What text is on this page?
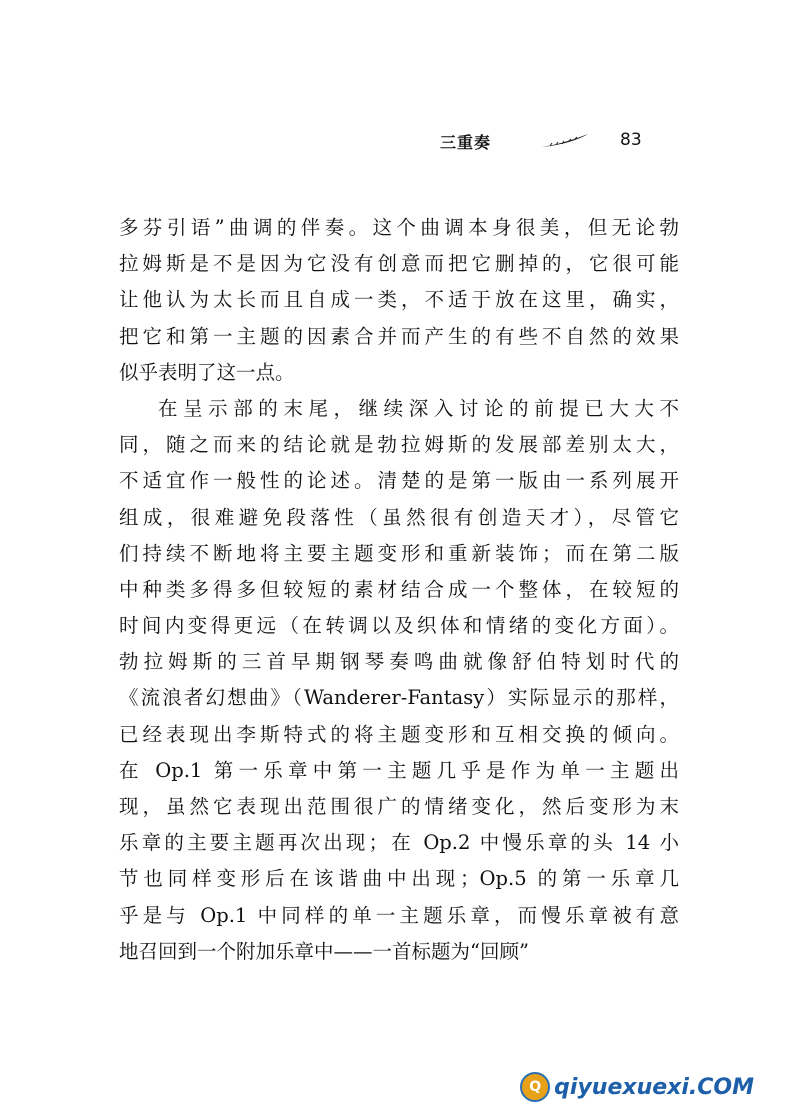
三重奏	83
多芬引语”曲调的伴奏。这个曲调本身很美，但无论勃
拉姆斯是不是因为它没有创意而把它删掉的，它很可能
让他认为太长而且自成一类，不适于放在这里，确实，
把它和第一主题的因素合并而产生的有些不自然的效果
似乎表明了这一点。
在呈示部的末尾，继续深入讨论的前提已大大不
同，随之而来的结论就是勃拉姆斯的发展部差别太大，
不适宜作一般性的论述。清楚的是第一版由一系列展开
组成，很难避免段落性（虽然很有创造天才），尽管它
们持续不断地将主要主题变形和重新装饰；而在第二版
中种类多得多但较短的素材结合成一个整体，在较短的
时间内变得更远（在转调以及织体和情绪的变化方面）。
勃拉姆斯的三首早期钢琴奏鸣曲就像舒伯特划时代的
《流浪者幻想曲》（Wanderer-Fantasy）实际显示的那样，
已经表现出李斯特式的将主题变形和互相交换的倾向。
在 Op.1 第一乐章中第一主题几乎是作为单一主题出
现，虽然它表现出范围很广的情绪变化，然后变形为末
乐章的主要主题再次出现；在 Op.2 中慢乐章的头 14 小
节也同样变形后在该谐曲中出现；Op.5 的第一乐章几
乎是与 Op.1 中同样的单一主题乐章，而慢乐章被有意
地召回到一个附加乐章中——一首标题为“回顾”
Q qiyuexuexi.COM
